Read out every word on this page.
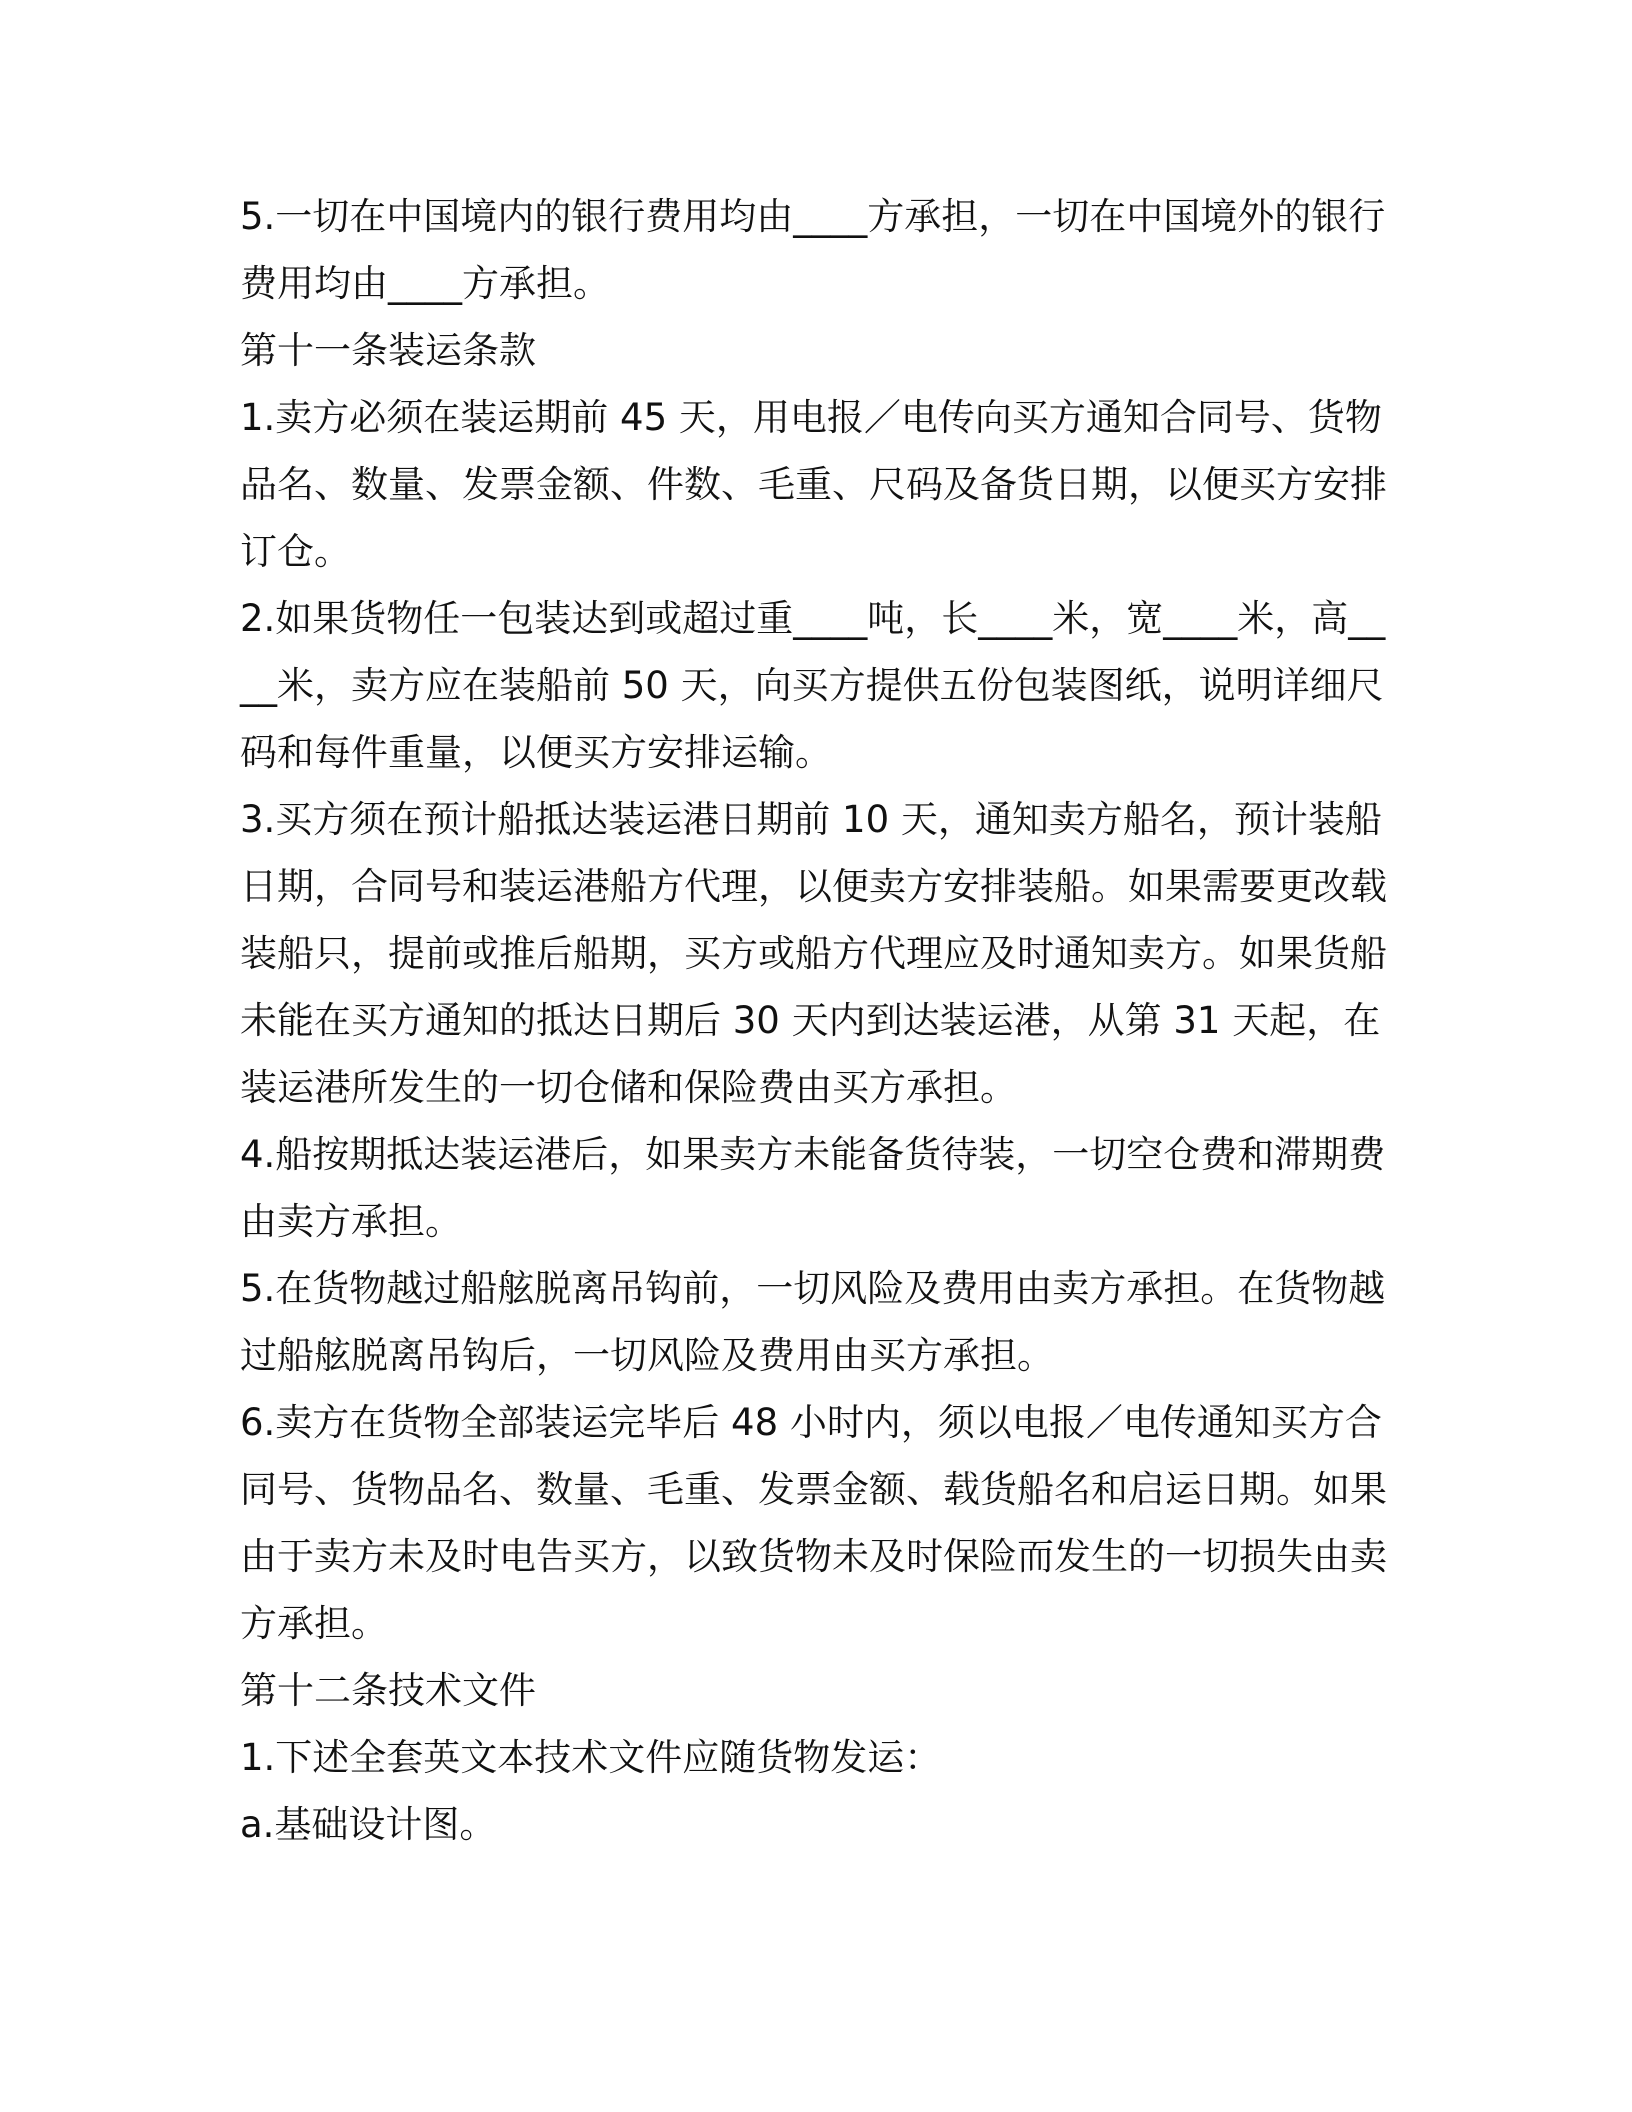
5.一切在中国境内的银行费用均由____方承担，一切在中国境外的银行费用均由____方承担。

第十一条装运条款

1.卖方必须在装运期前 45 天，用电报／电传向买方通知合同号、货物品名、数量、发票金额、件数、毛重、尺码及备货日期，以便买方安排订仓。

2.如果货物任一包装达到或超过重____吨，长____米，宽____米，高____米，卖方应在装船前 50 天，向买方提供五份包装图纸，说明详细尺码和每件重量，以便买方安排运输。

3.买方须在预计船抵达装运港日期前 10 天，通知卖方船名，预计装船日期，合同号和装运港船方代理，以便卖方安排装船。如果需要更改载装船只，提前或推后船期，买方或船方代理应及时通知卖方。如果货船未能在买方通知的抵达日期后 30 天内到达装运港，从第 31 天起，在装运港所发生的一切仓储和保险费由买方承担。

4.船按期抵达装运港后，如果卖方未能备货待装，一切空仓费和滞期费由卖方承担。

5.在货物越过船舷脱离吊钩前，一切风险及费用由卖方承担。在货物越过船舷脱离吊钩后，一切风险及费用由买方承担。

6.卖方在货物全部装运完毕后 48 小时内，须以电报／电传通知买方合同号、货物品名、数量、毛重、发票金额、载货船名和启运日期。如果由于卖方未及时电告买方，以致货物未及时保险而发生的一切损失由卖方承担。

第十二条技术文件

1.下述全套英文本技术文件应随货物发运：

a.基础设计图。
